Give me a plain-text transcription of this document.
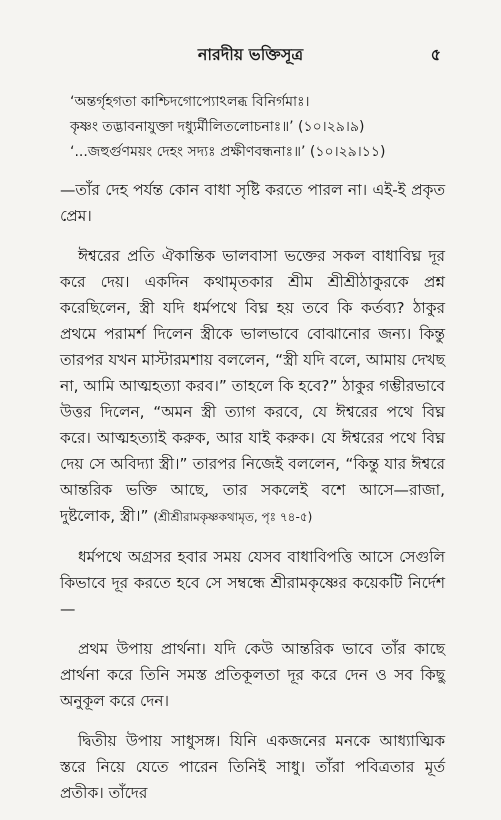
নারদীয় ভক্তিসূত্র	৫

‘অন্তর্গৃহগতা কাশ্চিদগোপ্যোঽলব্ধ বিনির্গমাঃ।

কৃষ্ণং তদ্ভাবনাযুক্তা দধ্যুর্মীলিতলোচনাঃ॥’ (১০।২৯।৯)

‘...জহুর্গুণময়ং দেহং সদ্যঃ প্রক্ষীণবন্ধনাঃ॥’ (১০।২৯।১১)

—তাঁর দেহ পর্যন্ত কোন বাধা সৃষ্টি করতে পারল না। এই-ই প্রকৃত প্রেম।

ঈশ্বরের প্রতি ঐকান্তিক ভালবাসা ভক্তের সকল বাধাবিঘ্ন দূর করে দেয়। একদিন কথামৃতকার শ্রীম শ্রীশ্রীঠাকুরকে প্রশ্ন করেছিলেন, স্ত্রী যদি ধর্মপথে বিঘ্ন হয় তবে কি কর্তব্য? ঠাকুর প্রথমে পরামর্শ দিলেন স্ত্রীকে ভালভাবে বোঝানোর জন্য। কিন্তু তারপর যখন মাস্টারমশায় বললেন, “স্ত্রী যদি বলে, আমায় দেখছ না, আমি আত্মহত্যা করব।” তাহলে কি হবে?” ঠাকুর গম্ভীরভাবে উত্তর দিলেন, “অমন স্ত্রী ত্যাগ করবে, যে ঈশ্বরের পথে বিঘ্ন করে। আত্মহত্যাই করুক, আর যাই করুক। যে ঈশ্বরের পথে বিঘ্ন দেয় সে অবিদ্যা স্ত্রী।” তারপর নিজেই বললেন, “কিন্তু যার ঈশ্বরে আন্তরিক ভক্তি আছে, তার সকলেই বশে আসে—রাজা, দুষ্টলোক, স্ত্রী।” (শ্রীশ্রীরামকৃষ্ণকথামৃত, পৃঃ ৭৪-৫)

ধর্মপথে অগ্রসর হবার সময় যেসব বাধাবিপত্তি আসে সেগুলি কিভাবে দূর করতে হবে সে সম্বন্ধে শ্রীরামকৃষ্ণের কয়েকটি নির্দেশ—

প্রথম উপায় প্রার্থনা। যদি কেউ আন্তরিক ভাবে তাঁর কাছে প্রার্থনা করে তিনি সমস্ত প্রতিকূলতা দূর করে দেন ও সব কিছু অনুকূল করে দেন।

দ্বিতীয় উপায় সাধুসঙ্গ। যিনি একজনের মনকে আধ্যাত্মিক স্তরে নিয়ে যেতে পারেন তিনিই সাধু। তাঁরা পবিত্রতার মূর্ত প্রতীক। তাঁদের
